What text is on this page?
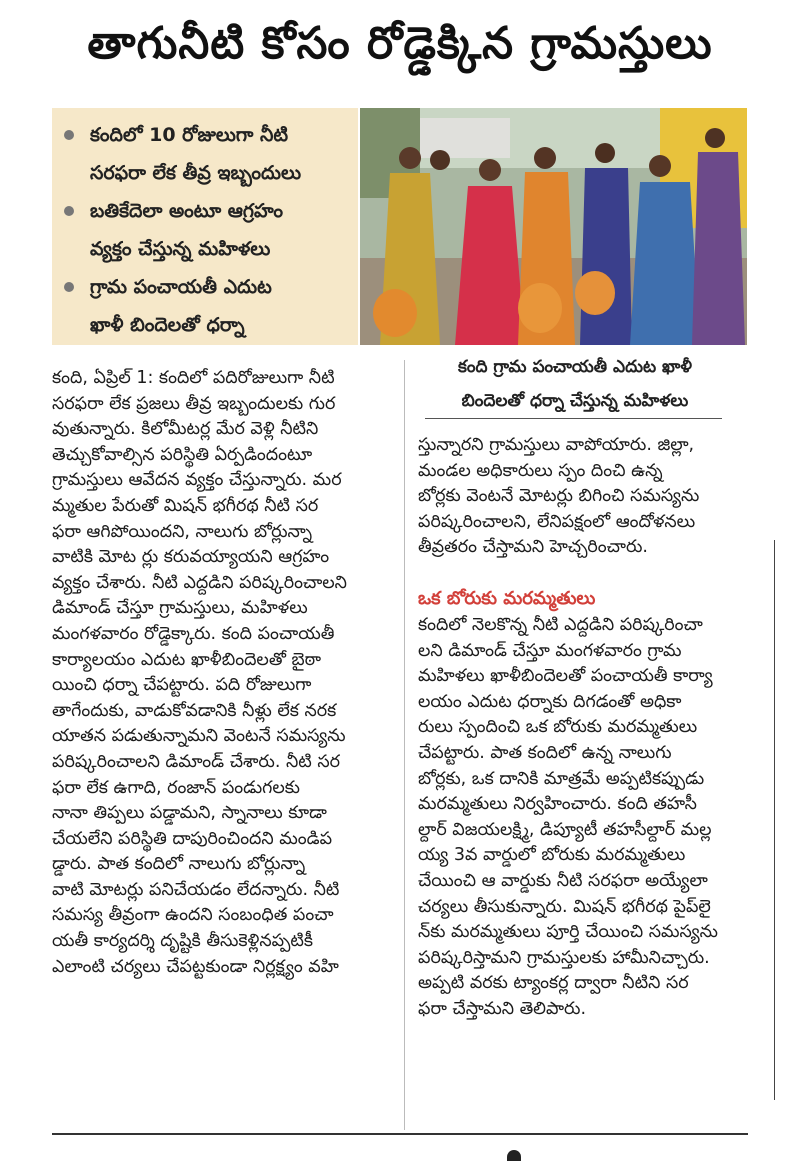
తాగునీటి కోసం రోడ్డెక్కిన గ్రామస్తులు
కందిలో 10 రోజులుగా నీటి
సరఫరా లేక తీవ్ర ఇబ్బందులు
బతికేదెలా అంటూ ఆగ్రహం
వ్యక్తం చేస్తున్న మహిళలు
గ్రామ పంచాయతీ ఎదుట
ఖాళీ బిందెలతో ధర్నా
కంది గ్రామ పంచాయతీ ఎదుట ఖాళీ
బిందెలతో ధర్నా చేస్తున్న మహిళలు

కంది, ఏప్రిల్ 1: కందిలో పదిరోజులుగా నీటి

సరఫరా లేక ప్రజలు తీవ్ర ఇబ్బందులకు గుర

వుతున్నారు. కిలోమీటర్ల మేర వెళ్లి నీటిని

తెచ్చుకోవాల్సిన పరిస్థితి ఏర్పడిందంటూ

గ్రామస్తులు ఆవేదన వ్యక్తం చేస్తున్నారు. మర

మ్మతుల పేరుతో మిషన్ భగీరథ నీటి సర

ఫరా ఆగిపోయిందని, నాలుగు బోర్లున్నా

వాటికి మోట ర్లు కరువయ్యాయని ఆగ్రహం

వ్యక్తం చేశారు. నీటి ఎద్దడిని పరిష్కరించాలని

డిమాండ్ చేస్తూ గ్రామస్తులు, మహిళలు

మంగళవారం రోడ్డెక్కారు. కంది పంచాయతీ

కార్యాలయం ఎదుట ఖాళీబిందెలతో బైఠా

యించి ధర్నా చేపట్టారు. పది రోజులుగా

తాగేందుకు, వాడుకోవడానికి నీళ్లు లేక నరక

యాతన పడుతున్నామని వెంటనే సమస్యను

పరిష్కరించాలని డిమాండ్ చేశారు. నీటి సర

ఫరా లేక ఉగాది, రంజాన్ పండుగలకు

నానా తిప్పలు పడ్డామని, స్నానాలు కూడా

చేయలేని పరిస్థితి దాపురించిందని మండిప

డ్డారు. పాత కందిలో నాలుగు బోర్లున్నా

వాటి మోటర్లు పనిచేయడం లేదన్నారు. నీటి

సమస్య తీవ్రంగా ఉందని సంబంధిత పంచా

యతీ కార్యదర్శి దృష్టికి తీసుకెళ్లినప్పటికీ

ఎలాంటి చర్యలు చేపట్టకుండా నిర్లక్ష్యం వహి

స్తున్నారని గ్రామస్తులు వాపోయారు. జిల్లా,

మండల అధికారులు స్పం దించి ఉన్న

బోర్లకు వెంటనే మోటర్లు బిగించి సమస్యను

పరిష్కరించాలని, లేనిపక్షంలో ఆందోళనలు

తీవ్రతరం చేస్తామని హెచ్చరించారు.

ఒక బోరుకు మరమ్మతులు

కందిలో నెలకొన్న నీటి ఎద్దడిని పరిష్కరించా

లని డిమాండ్ చేస్తూ మంగళవారం గ్రామ

మహిళలు ఖాళీబిందెలతో పంచాయతీ కార్యా

లయం ఎదుట ధర్నాకు దిగడంతో అధికా

రులు స్పందించి ఒక బోరుకు మరమ్మతులు

చేపట్టారు. పాత కందిలో ఉన్న నాలుగు

బోర్లకు, ఒక దానికి మాత్రమే అప్పటికప్పుడు

మరమ్మతులు నిర్వహించారు. కంది తహసీ

ల్దార్ విజయలక్ష్మి, డిప్యూటీ తహసీల్దార్ మల్ల

య్య 3వ వార్డులో బోరుకు మరమ్మతులు

చేయించి ఆ వార్డుకు నీటి సరఫరా అయ్యేలా

చర్యలు తీసుకున్నారు. మిషన్ భగీరథ పైప్‌లై

న్‌కు మరమ్మతులు పూర్తి చేయించి సమస్యను

పరిష్కరిస్తామని గ్రామస్తులకు హామీనిచ్చారు.

అప్పటి వరకు ట్యాంకర్ల ద్వారా నీటిని సర

ఫరా చేస్తామని తెలిపారు.
